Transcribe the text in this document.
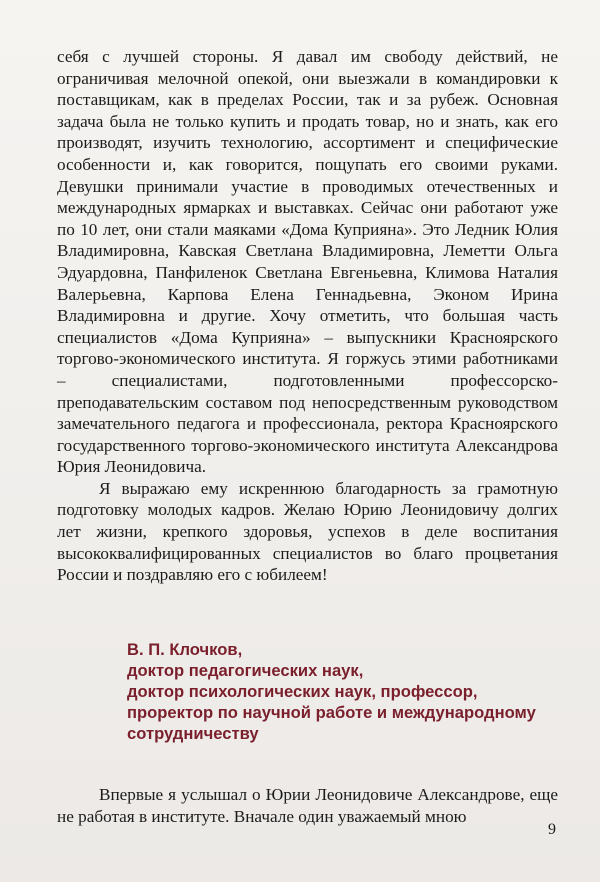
себя с лучшей стороны. Я давал им свободу действий, не ограничивая мелочной опекой, они выезжали в командировки к поставщикам, как в пределах России, так и за рубеж. Основная задача была не только купить и продать товар, но и знать, как его производят, изучить технологию, ассортимент и специфические особенности и, как говорится, пощупать его своими руками. Девушки принимали участие в проводимых отечественных и международных ярмарках и выставках. Сейчас они работают уже по 10 лет, они стали маяками «Дома Куприяна». Это Ледник Юлия Владимировна, Кавская Светлана Владимировна, Леметти Ольга Эдуардовна, Панфиленок Светлана Евгеньевна, Климова Наталия Валерьевна, Карпова Елена Геннадьевна, Эконом Ирина Владимировна и другие. Хочу отметить, что большая часть специалистов «Дома Куприяна» – выпускники Красноярского торгово-экономического института. Я горжусь этими работниками – специалистами, подготовленными профессорско-преподавательским составом под непосредственным руководством замечательного педагога и профессионала, ректора Красноярского государственного торгово-экономического института Александрова Юрия Леонидовича.

Я выражаю ему искреннюю благодарность за грамотную подготовку молодых кадров. Желаю Юрию Леонидовичу долгих лет жизни, крепкого здоровья, успехов в деле воспитания высококвалифицированных специалистов во благо процветания России и поздравляю его с юбилеем!

В. П. Клочков,
доктор педагогических наук,
доктор психологических наук, профессор,
проректор по научной работе и международному
сотрудничеству

Впервые я услышал о Юрии Леонидовиче Александрове, еще не работая в институте. Вначале один уважаемый мною

9
